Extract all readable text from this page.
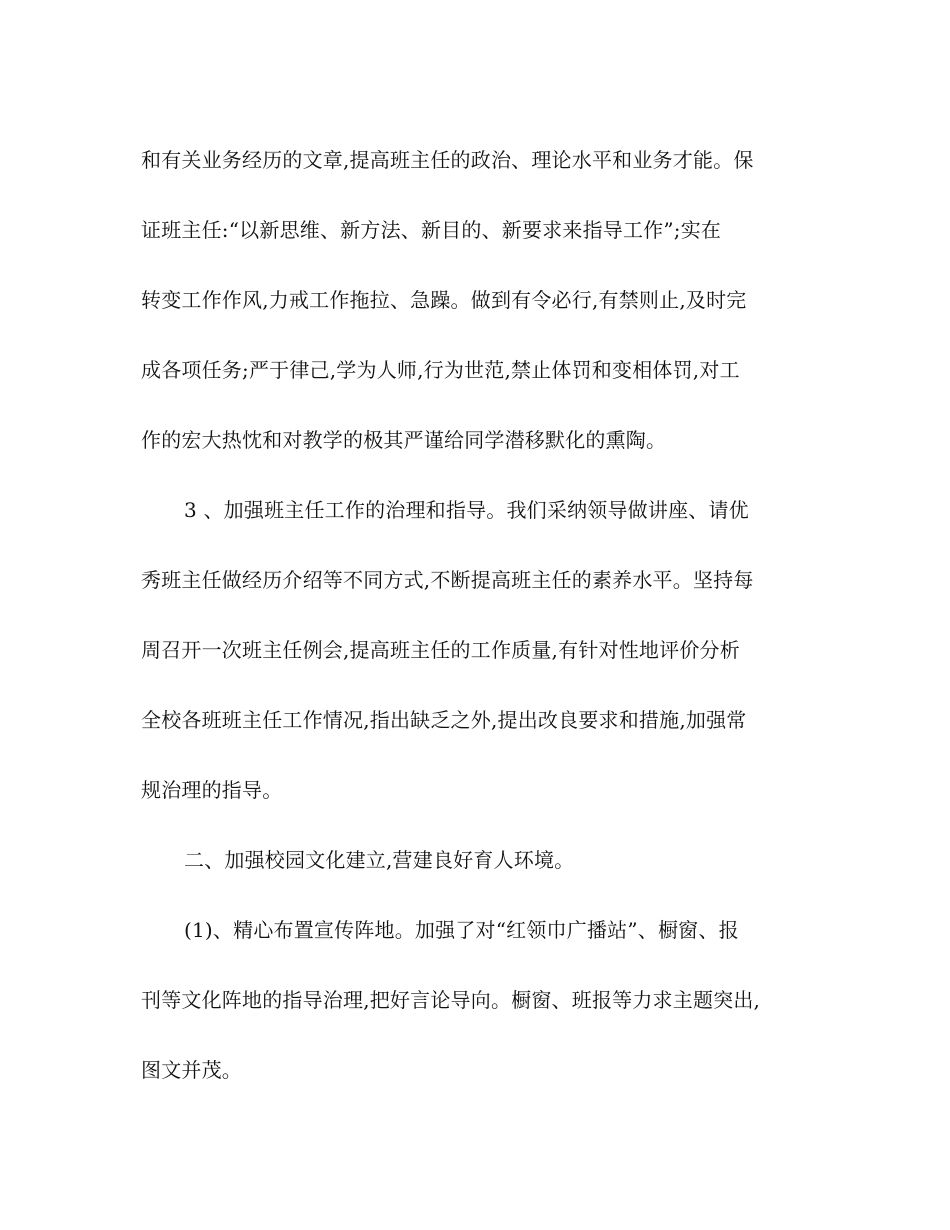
和有关业务经历的文章,提高班主任的政治、理论水平和业务才能。保
证班主任:“以新思维、新方法、新目的、新要求来指导工作”;实在
转变工作作风,力戒工作拖拉、急躁。做到有令必行,有禁则止,及时完
成各项任务;严于律己,学为人师,行为世范,禁止体罚和变相体罚,对工
作的宏大热忱和对教学的极其严谨给同学潜移默化的熏陶。
3 、加强班主任工作的治理和指导。我们采纳领导做讲座、请优
秀班主任做经历介绍等不同方式,不断提高班主任的素养水平。坚持每
周召开一次班主任例会,提高班主任的工作质量,有针对性地评价分析
全校各班班主任工作情况,指出缺乏之外,提出改良要求和措施,加强常
规治理的指导。
二、加强校园文化建立,营建良好育人环境。
(1)、精心布置宣传阵地。加强了对“红领巾广播站”、橱窗、报
刊等文化阵地的指导治理,把好言论导向。橱窗、班报等力求主题突出,
图文并茂。
